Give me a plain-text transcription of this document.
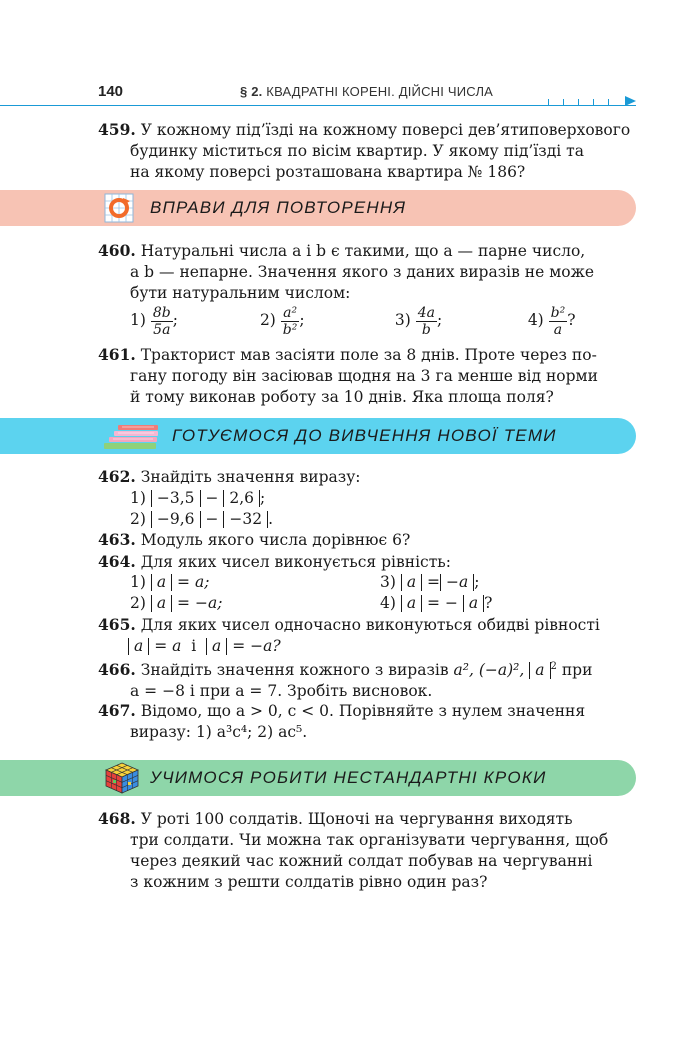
140	§ 2. КВАДРАТНІ КОРЕНІ. ДІЙСНІ ЧИСЛА
459. У кожному під’їзді на кожному поверсі дев’ятиповерхового
будинку міститься по вісім квартир. У якому під’їзді та
на якому поверсі розташована квартира № 186?
ВПРАВИ ДЛЯ ПОВТОРЕННЯ
460. Натуральні числа a і b є такими, що a — парне число,
a b — непарне. Значення якого з даних виразів не може
бути натуральним числом:
$1) \frac{8b}{5a}$ ;	$2) \frac{\text{a²}}{\text{b²}}$ ;	$3) \frac{4a}{b}$ ;	$4) \frac{\text{b²}}{a}$ ?
461. Тракторист мав засіяти поле за 8 днів. Проте через по-
гану погоду він засіював щодня на 3 га менше від норми
й тому виконав роботу за 10 днів. Яка площа поля?
ГОТУЄМОСЯ ДО ВИВЧЕННЯ НОВОЇ ТЕМИ
462. Знайдіть значення виразу:
1) −3,5 − 2,6 ;
2) −9,6 − −32 .
463. Модуль якого числа дорівнює 6?
464. Для яких чисел виконується рівність:
1) a = a;	3) a = −a ;
2) a = −a;	4) a = − a ?
465. Для яких чисел одночасно виконуються обидві рівності
a = a і a = −a?
466. Знайдіть значення кожного з виразів a², (−a)², a $^2$ при
a = −8 і при a = 7. Зробіть висновок.
467. Відомо, що a > 0, c < 0. Порівняйте з нулем значення
виразу: 1) a³c⁴; 2) ac⁵.
УЧИМОСЯ РОБИТИ НЕСТАНДАРТНІ КРОКИ
468. У роті 100 солдатів. Щоночі на чергування виходять
три солдати. Чи можна так організувати чергування, щоб
через деякий час кожний солдат побував на чергуванні
з кожним з решти солдатів рівно один раз?
